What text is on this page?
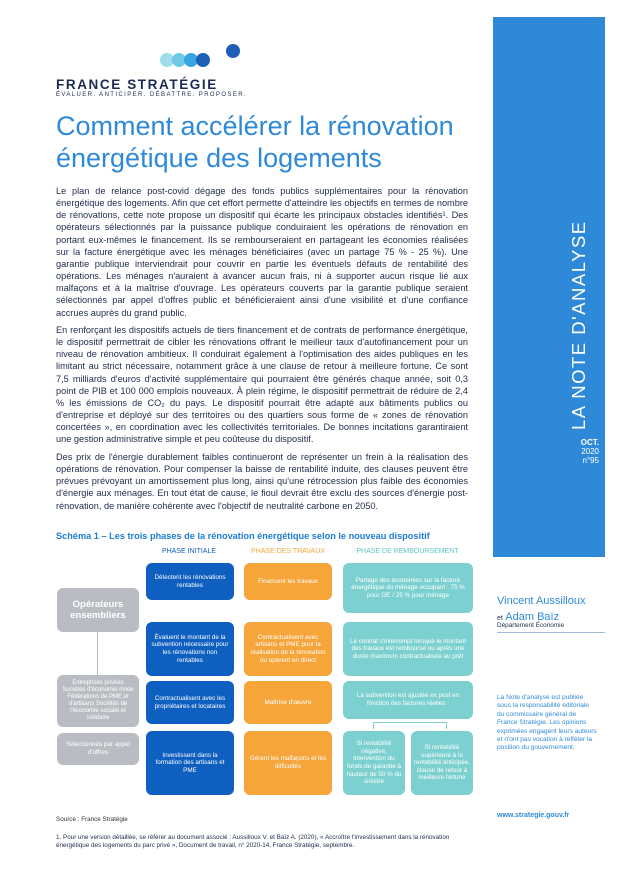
FRANCE STRATÉGIE
ÉVALUER. ANTICIPER. DÉBATTRE. PROPOSER.
Comment accélérer la rénovation
énergétique des logements
Le plan de relance post-covid dégage des fonds publics supplémentaires pour la rénovation énergétique des logements. Afin que cet effort permette d'atteindre les objectifs en termes de nombre de rénovations, cette note propose un dispositif qui écarte les principaux obstacles identifiés¹. Des opérateurs sélectionnés par la puissance publique conduiraient les opérations de rénovation en portant eux-mêmes le financement. Ils se rembourseraient en partageant les économies réalisées sur la facture énergétique avec les ménages bénéficiaires (avec un partage 75 % - 25 %). Une garantie publique interviendrait pour couvrir en partie les éventuels défauts de rentabilité des opérations. Les ménages n'auraient à avancer aucun frais, ni à supporter aucun risque lié aux malfaçons et à la maîtrise d'ouvrage. Les opérateurs couverts par la garantie publique seraient sélectionnés par appel d'offres public et bénéficieraient ainsi d'une visibilité et d'une confiance accrues auprès du grand public.
En renforçant les dispositifs actuels de tiers financement et de contrats de performance énergétique, le dispositif permettrait de cibler les rénovations offrant le meilleur taux d'autofinancement pour un niveau de rénovation ambitieux. Il conduirait également à l'optimisation des aides publiques en les limitant au strict nécessaire, notamment grâce à une clause de retour à meilleure fortune. Ce sont 7,5 milliards d'euros d'activité supplémentaire qui pourraient être générés chaque année, soit 0,3 point de PIB et 100 000 emplois nouveaux. À plein régime, le dispositif permettrait de réduire de 2,4 % les émissions de CO₂ du pays. Le dispositif pourrait être adapté aux bâtiments publics ou d'entreprise et déployé sur des territoires ou des quartiers sous forme de « zones de rénovation concertées », en coordination avec les collectivités territoriales. De bonnes incitations garantiraient une gestion administrative simple et peu coûteuse du dispositif.
Des prix de l'énergie durablement faibles continueront de représenter un frein à la réalisation des opérations de rénovation. Pour compenser la baisse de rentabilité induite, des clauses peuvent être prévues prévoyant un amortissement plus long, ainsi qu'une rétrocession plus faible des économies d'énergie aux ménages. En tout état de cause, le fioul devrait être exclu des sources d'énergie post-rénovation, de manière cohérente avec l'objectif de neutralité carbone en 2050.
Schéma 1 – Les trois phases de la rénovation énergétique selon le nouveau dispositif
PHASE INITIALE	PHASE DES TRAVAUX	PHASE DE REMBOURSEMENT
Opérateurs ensembliers
Entreprises privées Sociétés d'économie mixte Fédérations de PME et d'artisans Sociétés de l'économie sociale et solidaire
Sélectionnés par appel d'offres
Détectent les rénovations rentables
Évaluent le montant de la subvention nécessaire pour les rénovations non rentables
Contractualisent avec les propriétaires et locataires
Investissent dans la formation des artisans et PME
Financent les travaux
Contractualisent avec artisans et PME pour la réalisation de la rénovation ou opèrent en direct
Maîtrise d'œuvre
Gèrent les malfaçons et les difficultés
Partage des économies sur la facture énergétique du ménage occupant : 75 % pour OE / 25 % pour ménage
Le contrat s'interrompt lorsque le montant des travaux est remboursé ou après une durée maximum contractualisée au prêt
La subvention est ajustée ex post en fonction des factures réelles :
Si rentabilité négative, intervention du fonds de garantie à hauteur de 50 % du sinistre
Si rentabilité supérieure à la rentabilité anticipée, clause de retour à meilleure fortune
Source : France Stratégie
1. Pour une version détaillée, se référer au document associé : Aussilloux V. et Baïz A. (2020), « Accroître l'investissement dans la rénovation énergétique des logements du parc privé », Document de travail, n° 2020-14, France Stratégie, septembre.
LA NOTE D'ANALYSE
OCT.
2020
n°95
Vincent Aussilloux
et Adam Baïz
Département Économie
La Note d'analyse est publiée sous la responsabilité éditoriale du commissaire général de France Stratégie. Les opinions exprimées engagent leurs auteurs et n'ont pas vocation à refléter la position du gouvernement.
www.strategie.gouv.fr
